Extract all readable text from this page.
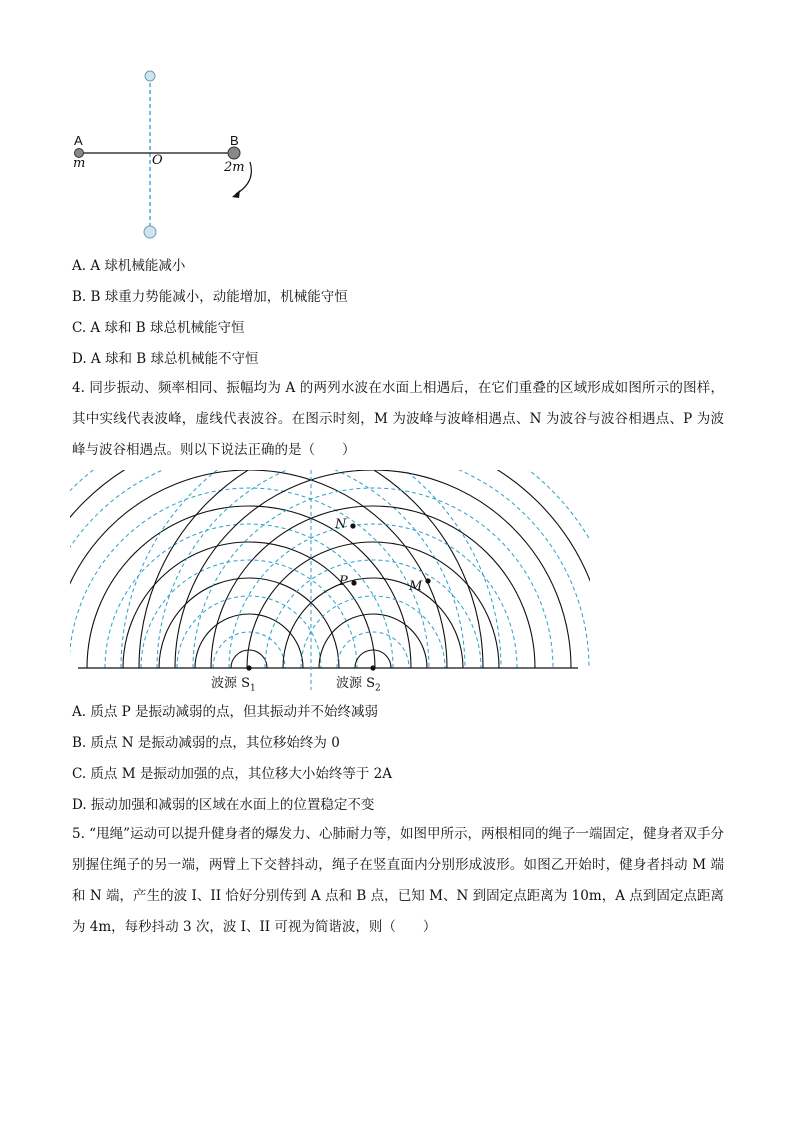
A	B
O
m	2m
A. A 球机械能减小
B. B 球重力势能减小，动能增加，机械能守恒
C. A 球和 B 球总机械能守恒
D. A 球和 B 球总机械能不守恒
4. 同步振动、频率相同、振幅均为 A 的两列水波在水面上相遇后，在它们重叠的区域形成如图所示的图样，其中实线代表波峰，虚线代表波谷。在图示时刻，M 为波峰与波峰相遇点、N 为波谷与波谷相遇点、P 为波峰与波谷相遇点。则以下说法正确的是（　　）
N
P	M
波源 $S_1$	波源 $S_2$
A. 质点 P 是振动减弱的点，但其振动并不始终减弱
B. 质点 N 是振动减弱的点，其位移始终为 0
C. 质点 M 是振动加强的点，其位移大小始终等于 2A
D. 振动加强和减弱的区域在水面上的位置稳定不变
5. “甩绳”运动可以提升健身者的爆发力、心肺耐力等，如图甲所示，两根相同的绳子一端固定，健身者双手分别握住绳子的另一端，两臂上下交替抖动，绳子在竖直面内分别形成波形。如图乙开始时，健身者抖动 M 端和 N 端，产生的波 I、II 恰好分别传到 A 点和 B 点，已知 M、N 到固定点距离为 10m，A 点到固定点距离为 4m，每秒抖动 3 次，波 I、II 可视为简谐波，则（　　）
